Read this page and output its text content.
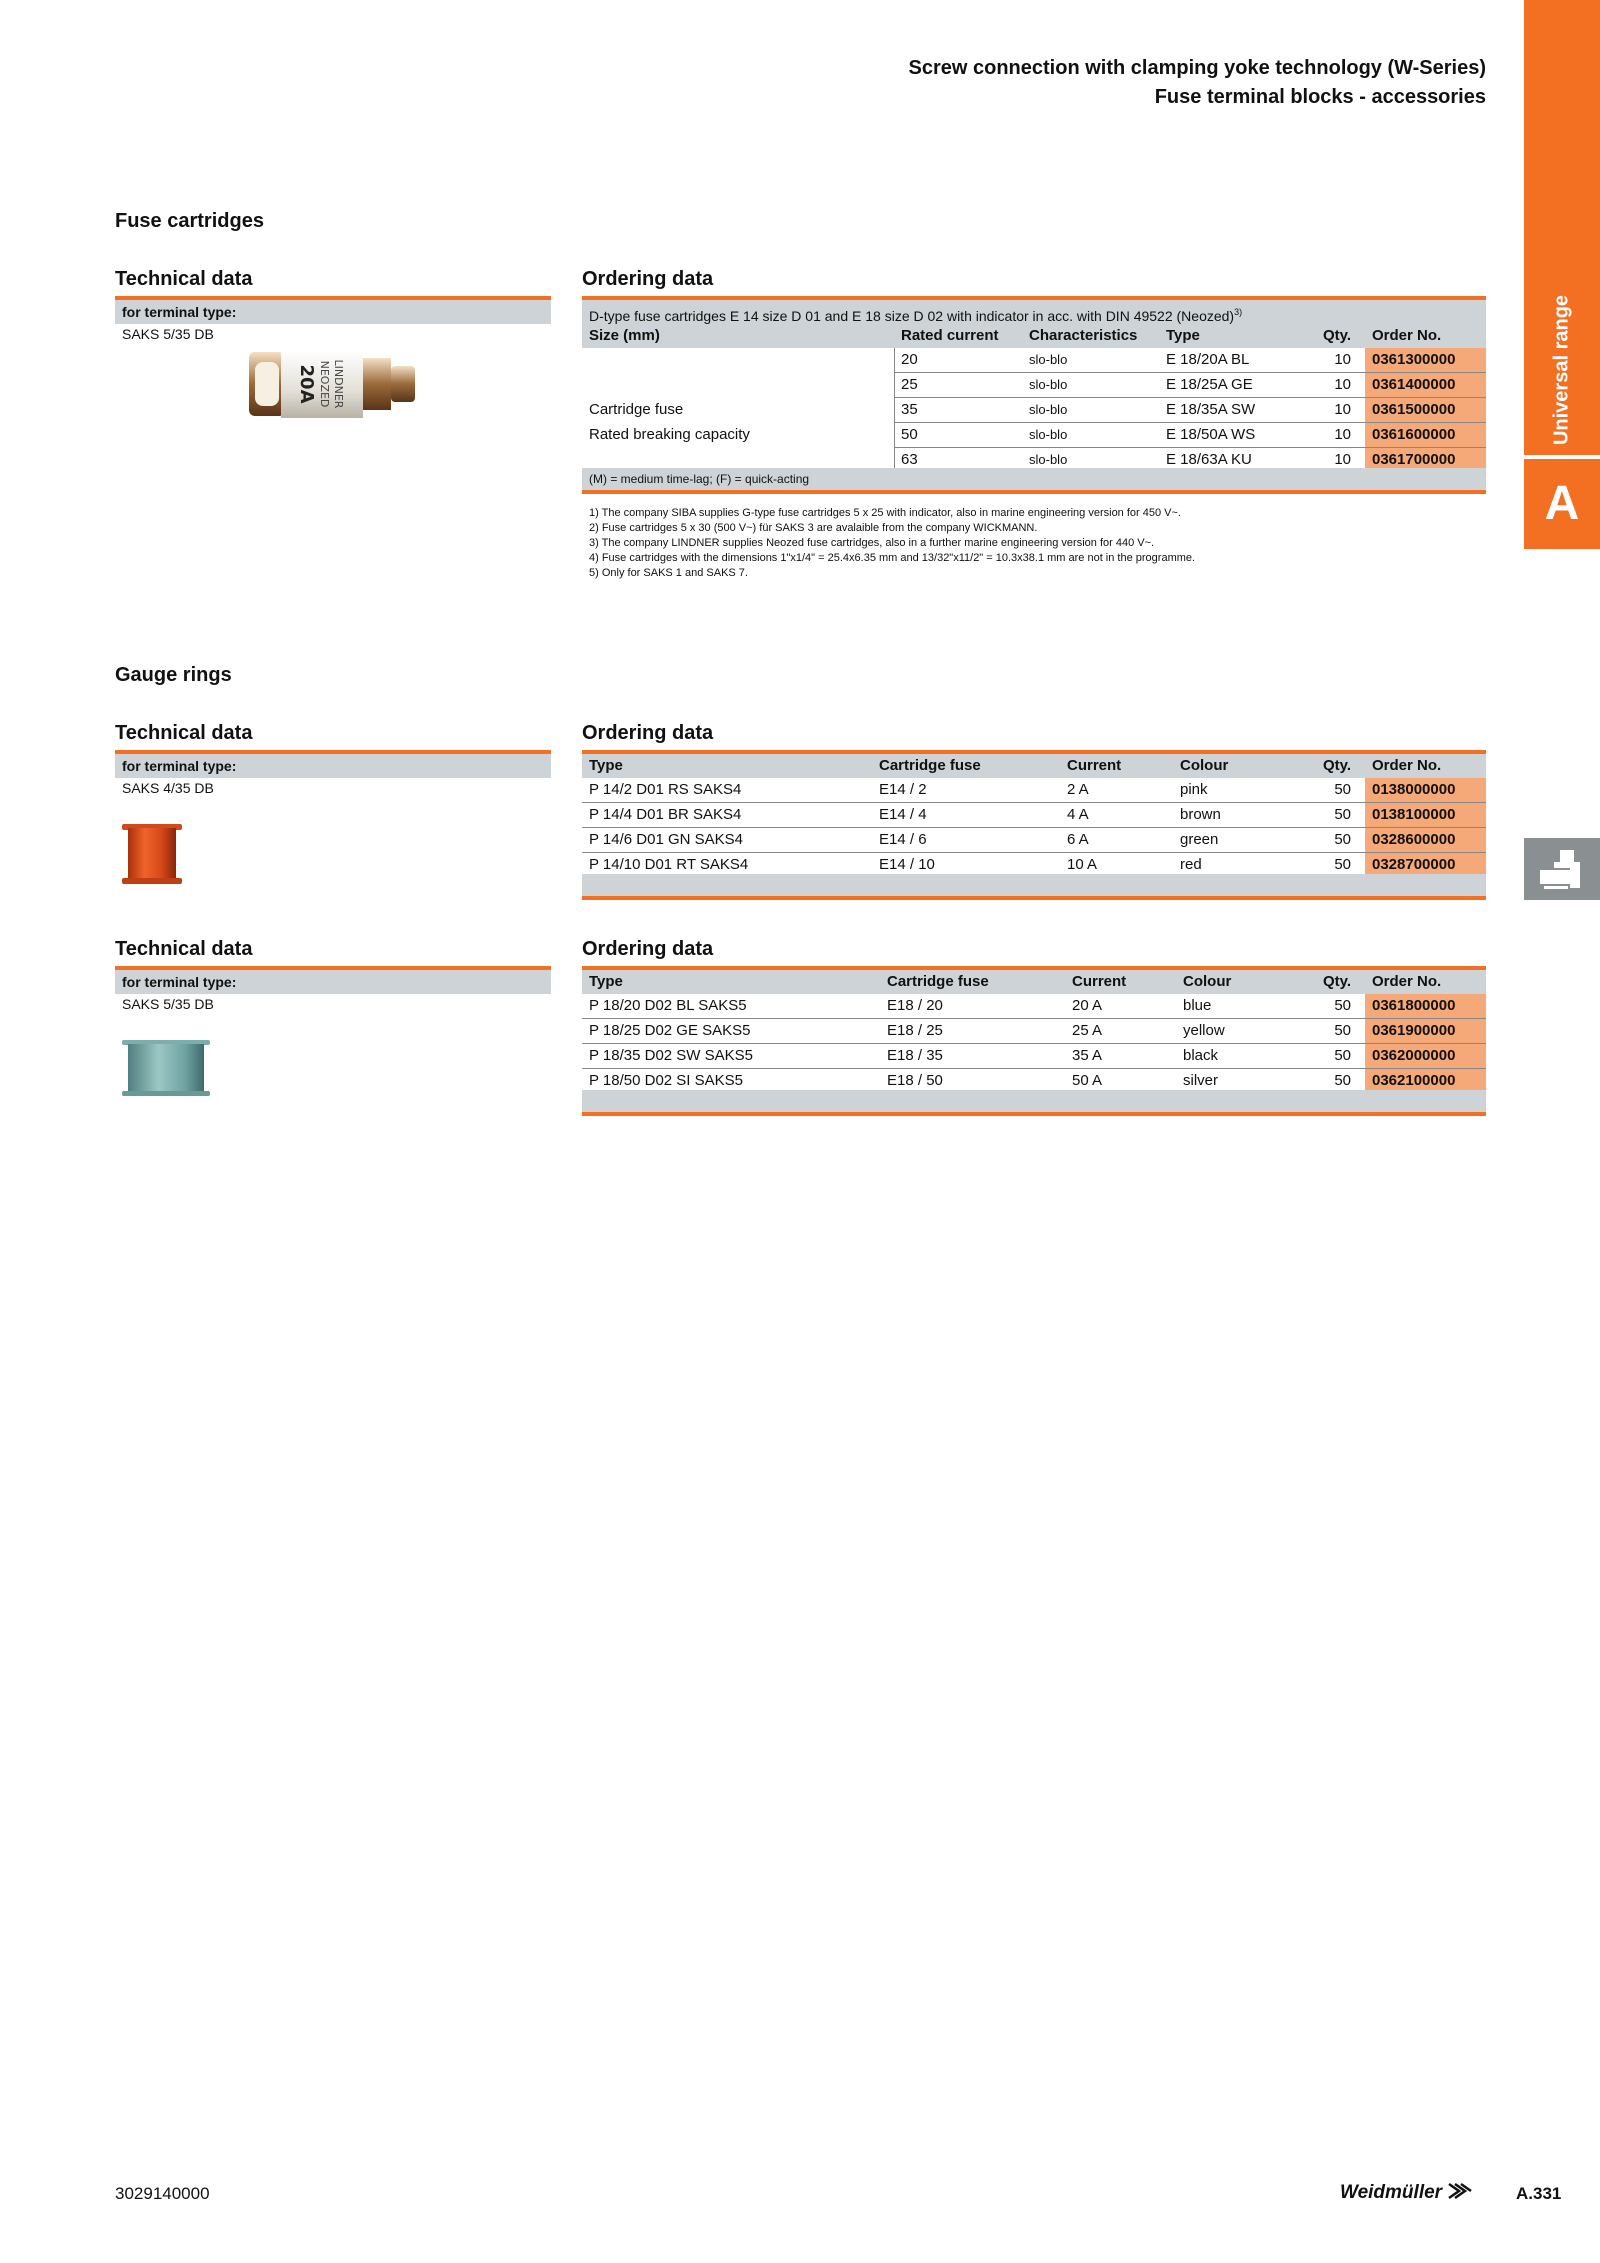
Screw connection with clamping yoke technology (W-Series)
Fuse terminal blocks - accessories
Universal range
A
Fuse cartridges
Technical data
for terminal type:
SAKS 5/35 DB
LINDNER
NEOZED
20A
Ordering data
D-type fuse cartridges E 14 size D 01 and E 18 size D 02 with indicator in acc. with DIN 49522 (Neozed)$^{3)}$
Size (mm)	Rated current	Characteristics	Type	Qty.	Order No.
	20	slo-blo	E 18/20A BL	10	0361300000
	25	slo-blo	E 18/25A GE	10	0361400000
Cartridge fuse	35	slo-blo	E 18/35A SW	10	0361500000
Rated breaking capacity	50	slo-blo	E 18/50A WS	10	0361600000
	63	slo-blo	E 18/63A KU	10	0361700000
(M) = medium time-lag; (F) = quick-acting
1) The company SIBA supplies G-type fuse cartridges 5 x 25 with indicator, also in marine engineering version for 450 V~.
2) Fuse cartridges 5 x 30 (500 V~) für SAKS 3 are avalaible from the company WICKMANN.
3) The company LINDNER supplies Neozed fuse cartridges, also in a further marine engineering version for 440 V~.
4) Fuse cartridges with the dimensions 1"x1/4" = 25.4x6.35 mm and 13/32"x11/2" = 10.3x38.1 mm are not in the programme.
5) Only for SAKS 1 and SAKS 7.
Gauge rings
Technical data
for terminal type:
SAKS 4/35 DB
Ordering data
Type	Cartridge fuse	Current	Colour	Qty.	Order No.
P 14/2 D01 RS SAKS4	E14 / 2	2 A	pink	50	0138000000
P 14/4 D01 BR SAKS4	E14 / 4	4 A	brown	50	0138100000
P 14/6 D01 GN SAKS4	E14 / 6	6 A	green	50	0328600000
P 14/10 D01 RT SAKS4	E14 / 10	10 A	red	50	0328700000
Technical data
for terminal type:
SAKS 5/35 DB
Ordering data
Type	Cartridge fuse	Current	Colour	Qty.	Order No.
P 18/20 D02 BL SAKS5	E18 / 20	20 A	blue	50	0361800000
P 18/25 D02 GE SAKS5	E18 / 25	25 A	yellow	50	0361900000
P 18/35 D02 SW SAKS5	E18 / 35	35 A	black	50	0362000000
P 18/50 D02 SI SAKS5	E18 / 50	50 A	silver	50	0362100000
3029140000	Weidmüller	A.331
